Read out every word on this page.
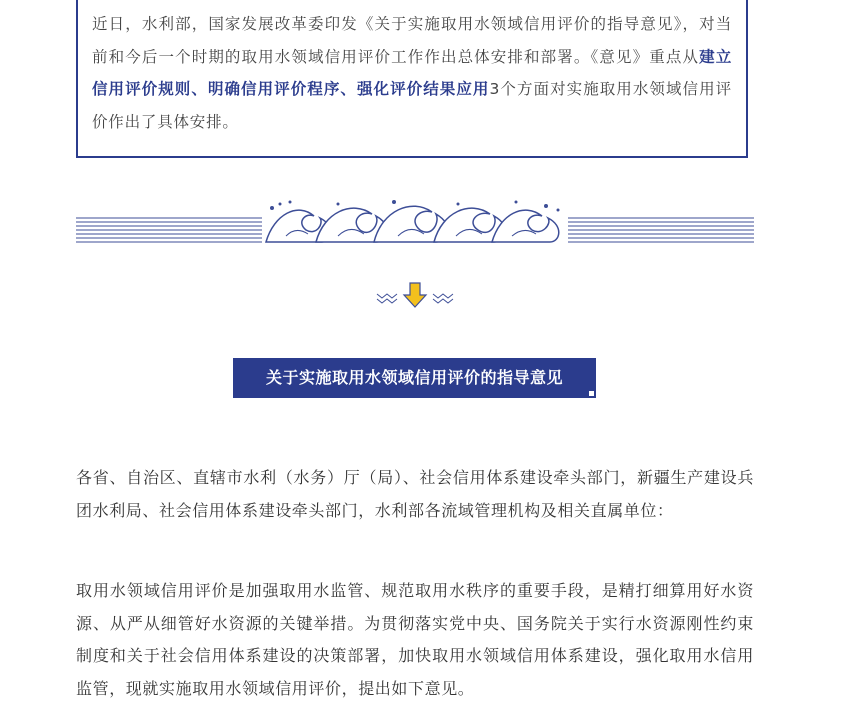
近日，水利部，国家发展改革委印发《关于实施取用水领域信用评价的指导意见》，对当前和今后一个时期的取用水领域信用评价工作作出总体安排和部署。《意见》重点从建立信用评价规则、明确信用评价程序、强化评价结果应用3个方面对实施取用水领域信用评价作出了具体安排。

关于实施取用水领域信用评价的指导意见

各省、自治区、直辖市水利（水务）厅（局）、社会信用体系建设牵头部门，新疆生产建设兵团水利局、社会信用体系建设牵头部门，水利部各流域管理机构及相关直属单位：

取用水领域信用评价是加强取用水监管、规范取用水秩序的重要手段，是精打细算用好水资源、从严从细管好水资源的关键举措。为贯彻落实党中央、国务院关于实行水资源刚性约束制度和关于社会信用体系建设的决策部署，加快取用水领域信用体系建设，强化取用水信用监管，现就实施取用水领域信用评价，提出如下意见。
